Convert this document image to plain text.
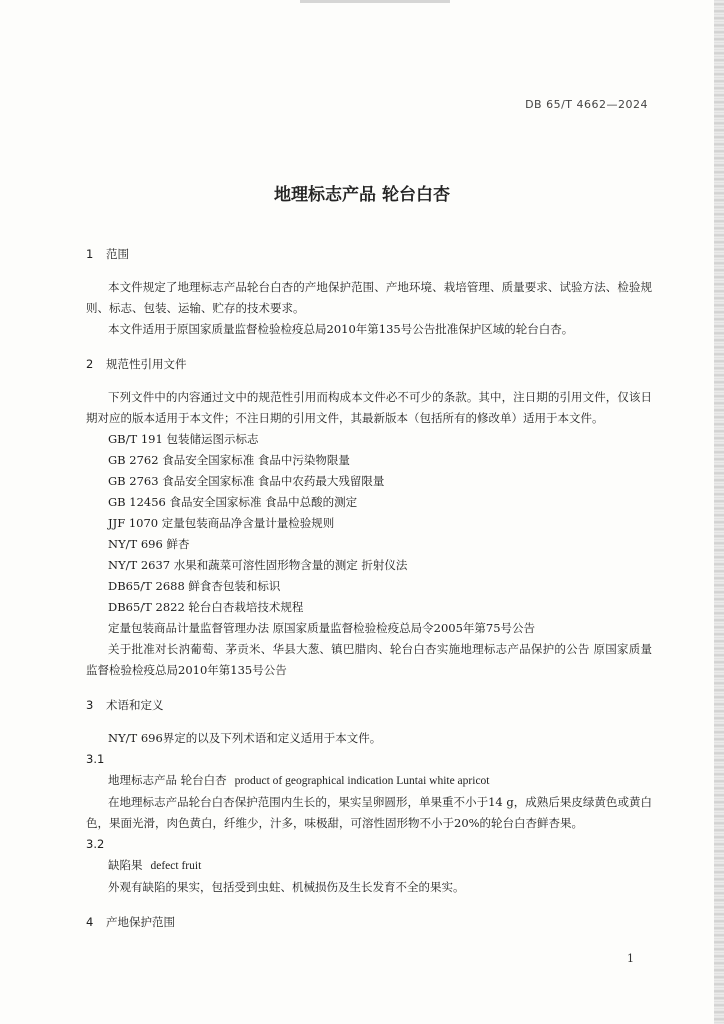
DB 65/T 4662—2024
地理标志产品 轮台白杏
1 范围

本文件规定了地理标志产品轮台白杏的产地保护范围、产地环境、栽培管理、质量要求、试验方法、检验规则、标志、包装、运输、贮存的技术要求。

本文件适用于原国家质量监督检验检疫总局2010年第135号公告批准保护区域的轮台白杏。

2 规范性引用文件

下列文件中的内容通过文中的规范性引用而构成本文件必不可少的条款。其中，注日期的引用文件，仅该日期对应的版本适用于本文件；不注日期的引用文件，其最新版本（包括所有的修改单）适用于本文件。

GB/T 191 包装储运图示标志

GB 2762 食品安全国家标准 食品中污染物限量

GB 2763 食品安全国家标准 食品中农药最大残留限量

GB 12456 食品安全国家标准 食品中总酸的测定

JJF 1070 定量包装商品净含量计量检验规则

NY/T 696 鲜杏

NY/T 2637 水果和蔬菜可溶性固形物含量的测定 折射仪法

DB65/T 2688 鲜食杏包装和标识

DB65/T 2822 轮台白杏栽培技术规程

定量包装商品计量监督管理办法 原国家质量监督检验检疫总局令2005年第75号公告

关于批准对长汭葡萄、茅贡米、华县大葱、镇巴腊肉、轮台白杏实施地理标志产品保护的公告 原国家质量监督检验检疫总局2010年第135号公告

3 术语和定义

NY/T 696界定的以及下列术语和定义适用于本文件。

3.1

地理标志产品 轮台白杏 product of geographical indication Luntai white apricot

在地理标志产品轮台白杏保护范围内生长的，果实呈卵圆形，单果重不小于14 g，成熟后果皮绿黄色或黄白色，果面光滑，肉色黄白，纤维少，汁多，味极甜，可溶性固形物不小于20%的轮台白杏鲜杏果。

3.2

缺陷果 defect fruit

外观有缺陷的果实，包括受到虫蛀、机械损伤及生长发育不全的果实。

4 产地保护范围
1
